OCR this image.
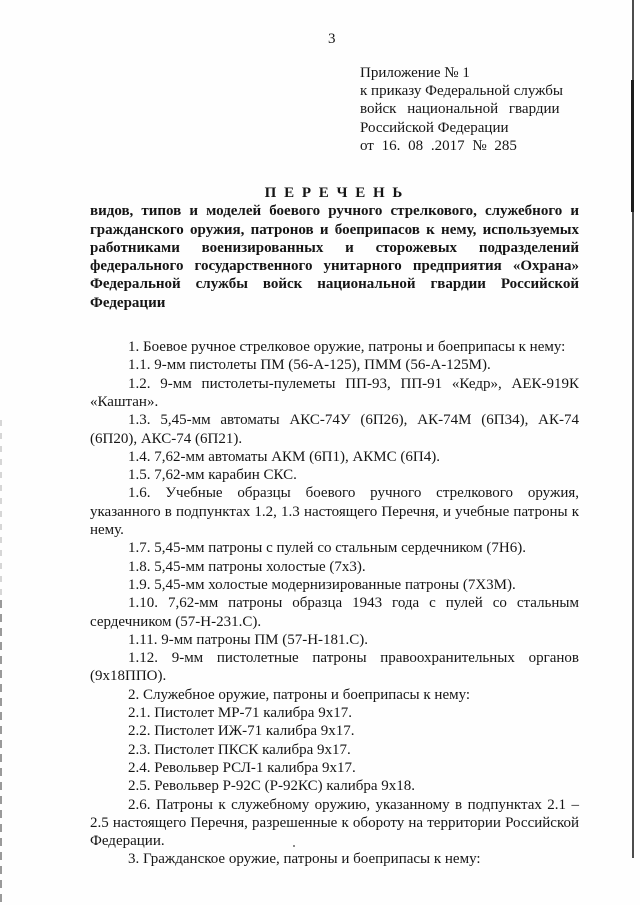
3
Приложение № 1
к приказу Федеральной службы
войск национальной гвардии
Российской Федерации
от 16. 08 .2017 № 285
П Е Р Е Ч Е Н Ь

видов, типов и моделей боевого ручного стрелкового, служебного и гражданского оружия, патронов и боеприпасов к нему, используемых работниками военизированных и сторожевых подразделений федерального государственного унитарного предприятия «Охрана» Федеральной службы войск национальной гвардии Российской Федерации

1. Боевое ручное стрелковое оружие, патроны и боеприпасы к нему:

1.1. 9-мм пистолеты ПМ (56-А-125), ПММ (56-А-125М).

1.2. 9-мм пистолеты-пулеметы ПП-93, ПП-91 «Кедр», АЕК-919К «Каштан».

1.3. 5,45-мм автоматы АКС-74У (6П26), АК-74М (6П34), АК-74 (6П20), АКС-74 (6П21).

1.4. 7,62-мм автоматы АКМ (6П1), АКМС (6П4).

1.5. 7,62-мм карабин СКС.

1.6. Учебные образцы боевого ручного стрелкового оружия, указанного в подпунктах 1.2, 1.3 настоящего Перечня, и учебные патроны к нему.

1.7. 5,45-мм патроны с пулей со стальным сердечником (7Н6).

1.8. 5,45-мм патроны холостые (7х3).

1.9. 5,45-мм холостые модернизированные патроны (7Х3М).

1.10. 7,62-мм патроны образца 1943 года с пулей со стальным сердечником (57-Н-231.С).

1.11. 9-мм патроны ПМ (57-Н-181.С).

1.12. 9-мм пистолетные патроны правоохранительных органов (9х18ППО).

2. Служебное оружие, патроны и боеприпасы к нему:

2.1. Пистолет МР-71 калибра 9х17.

2.2. Пистолет ИЖ-71 калибра 9х17.

2.3. Пистолет ПКСК калибра 9х17.

2.4. Револьвер РСЛ-1 калибра 9х17.

2.5. Револьвер Р-92С (Р-92КС) калибра 9х18.

2.6. Патроны к служебному оружию, указанному в подпунктах 2.1 – 2.5 настоящего Перечня, разрешенные к обороту на территории Российской Федерации.

3. Гражданское оружие, патроны и боеприпасы к нему:
